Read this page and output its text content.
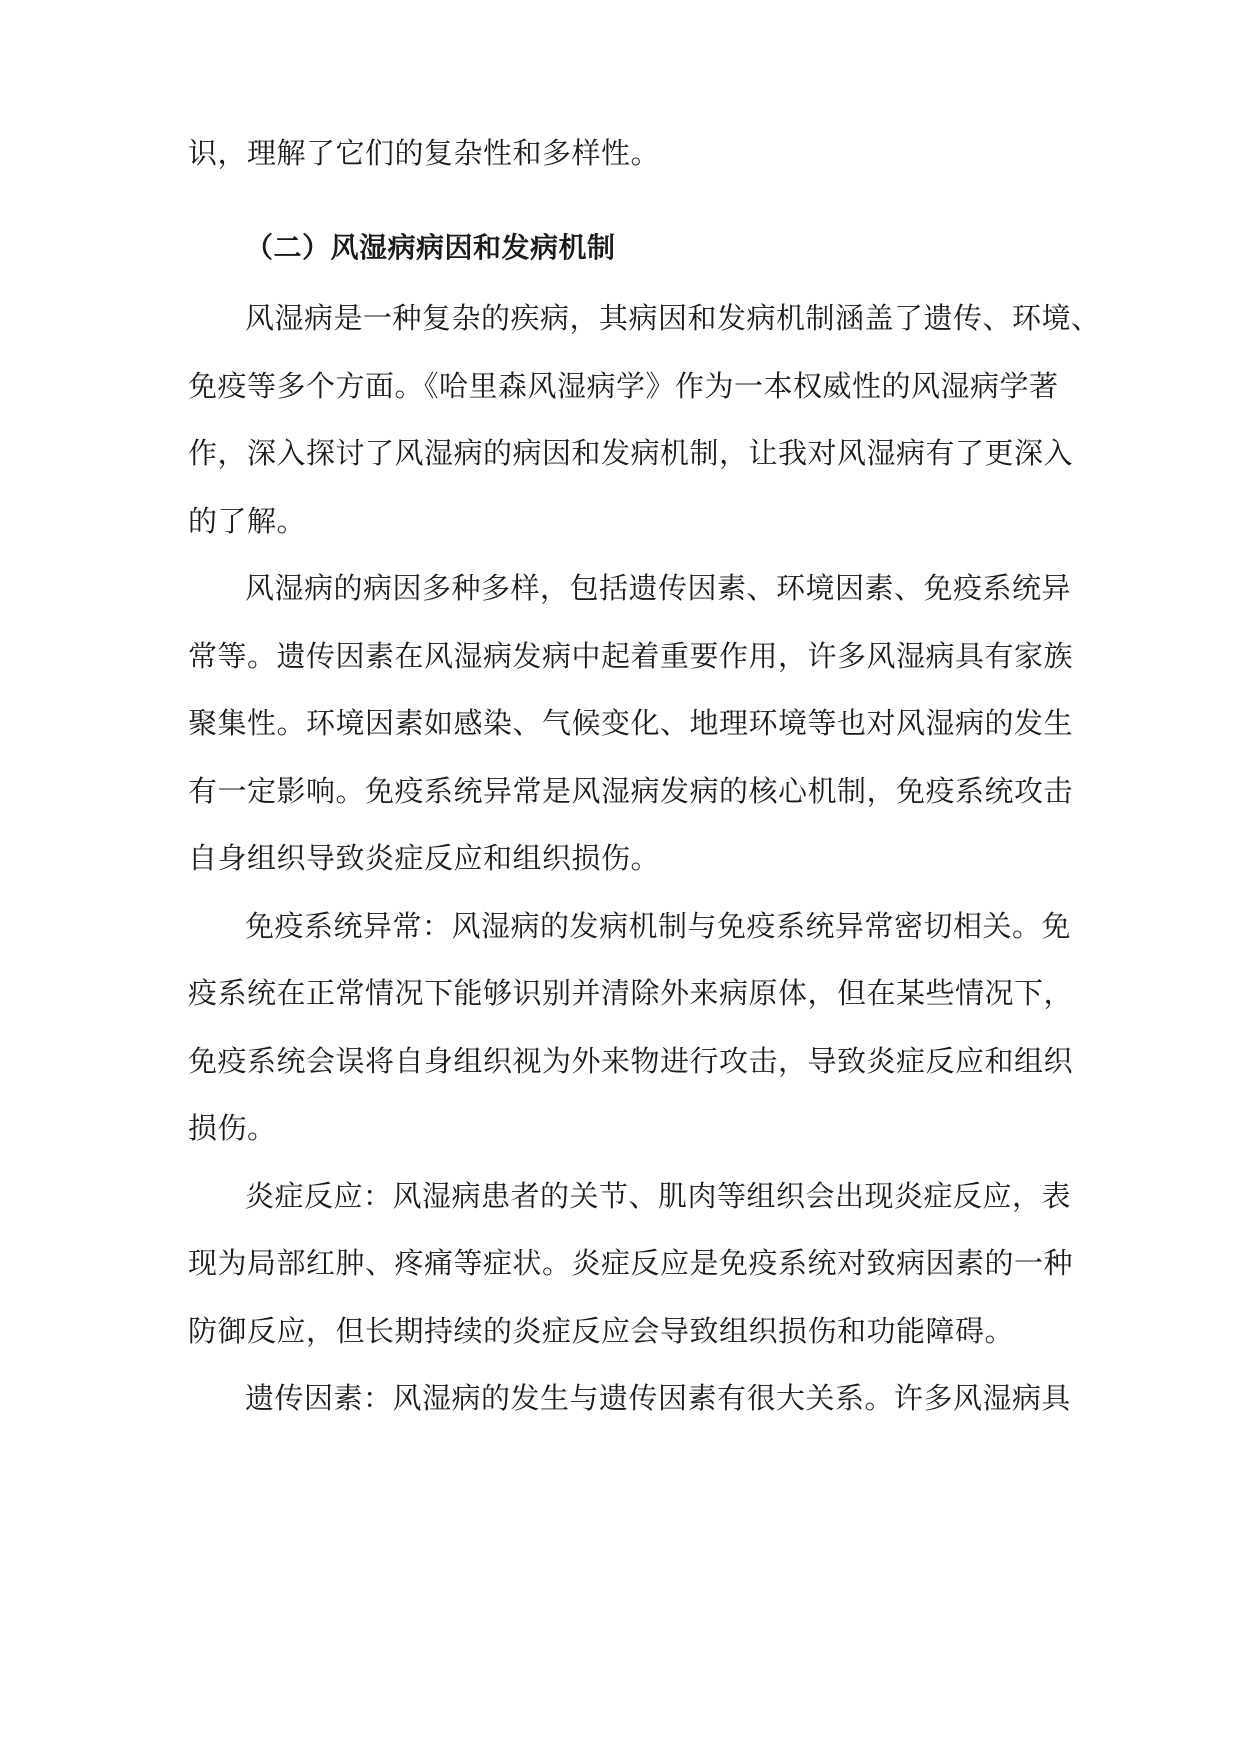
识，理解了它们的复杂性和多样性。
（二）风湿病病因和发病机制
风湿病是一种复杂的疾病，其病因和发病机制涵盖了遗传、环境、
免疫等多个方面。《哈里森风湿病学》作为一本权威性的风湿病学著
作，深入探讨了风湿病的病因和发病机制，让我对风湿病有了更深入
的了解。
风湿病的病因多种多样，包括遗传因素、环境因素、免疫系统异
常等。遗传因素在风湿病发病中起着重要作用，许多风湿病具有家族
聚集性。环境因素如感染、气候变化、地理环境等也对风湿病的发生
有一定影响。免疫系统异常是风湿病发病的核心机制，免疫系统攻击
自身组织导致炎症反应和组织损伤。
免疫系统异常：风湿病的发病机制与免疫系统异常密切相关。免
疫系统在正常情况下能够识别并清除外来病原体，但在某些情况下，
免疫系统会误将自身组织视为外来物进行攻击，导致炎症反应和组织
损伤。
炎症反应：风湿病患者的关节、肌肉等组织会出现炎症反应，表
现为局部红肿、疼痛等症状。炎症反应是免疫系统对致病因素的一种
防御反应，但长期持续的炎症反应会导致组织损伤和功能障碍。
遗传因素：风湿病的发生与遗传因素有很大关系。许多风湿病具
